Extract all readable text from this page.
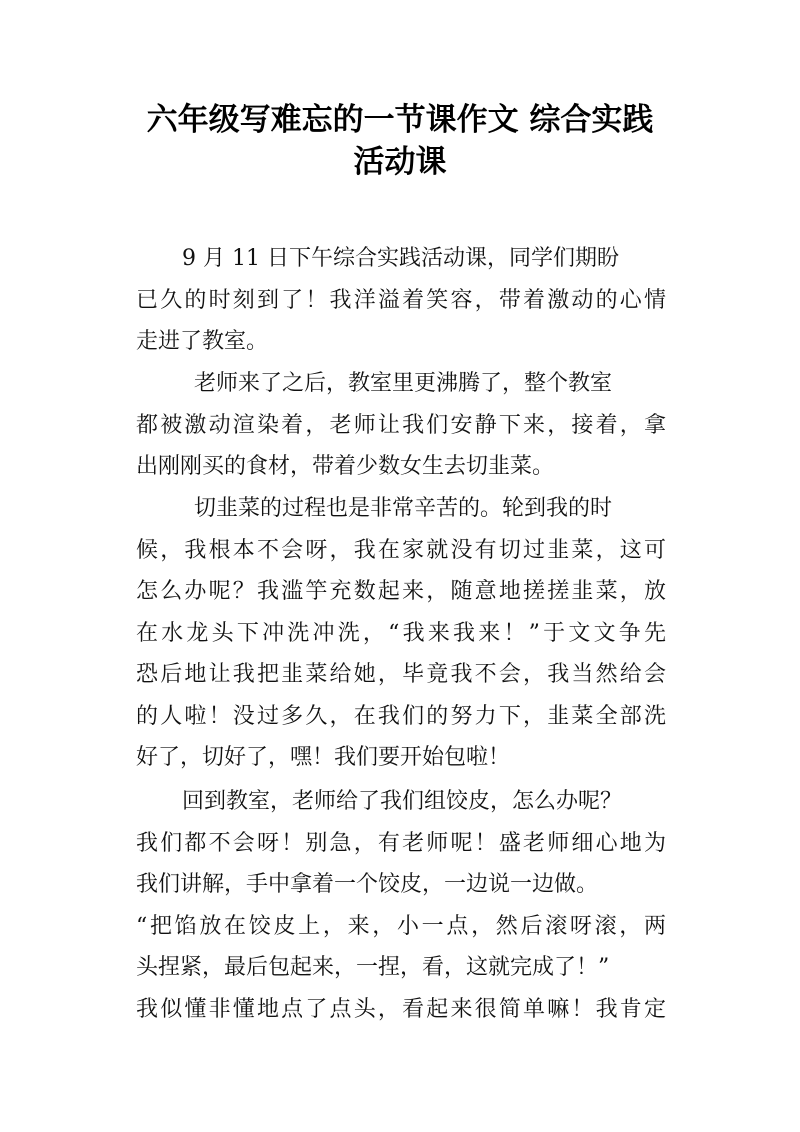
六年级写难忘的一节课作文 综合实践
活动课
9 月 11 日下午综合实践活动课，同学们期盼
已久的时刻到了！我洋溢着笑容，带着激动的心情
走进了教室。
老师来了之后，教室里更沸腾了，整个教室
都被激动渲染着，老师让我们安静下来，接着，拿
出刚刚买的食材，带着少数女生去切韭菜。
切韭菜的过程也是非常辛苦的。轮到我的时
候，我根本不会呀，我在家就没有切过韭菜，这可
怎么办呢？我滥竽充数起来，随意地搓搓韭菜，放
在水龙头下冲洗冲洗，“我来我来！”于文文争先
恐后地让我把韭菜给她，毕竟我不会，我当然给会
的人啦！没过多久，在我们的努力下，韭菜全部洗
好了，切好了，嘿！我们要开始包啦！
回到教室，老师给了我们组饺皮，怎么办呢？
我们都不会呀！别急，有老师呢！盛老师细心地为
我们讲解，手中拿着一个饺皮，一边说一边做。
“把馅放在饺皮上，来，小一点，然后滚呀滚，两
头捏紧，最后包起来，一捏，看，这就完成了！”
我似懂非懂地点了点头，看起来很简单嘛！我肯定
